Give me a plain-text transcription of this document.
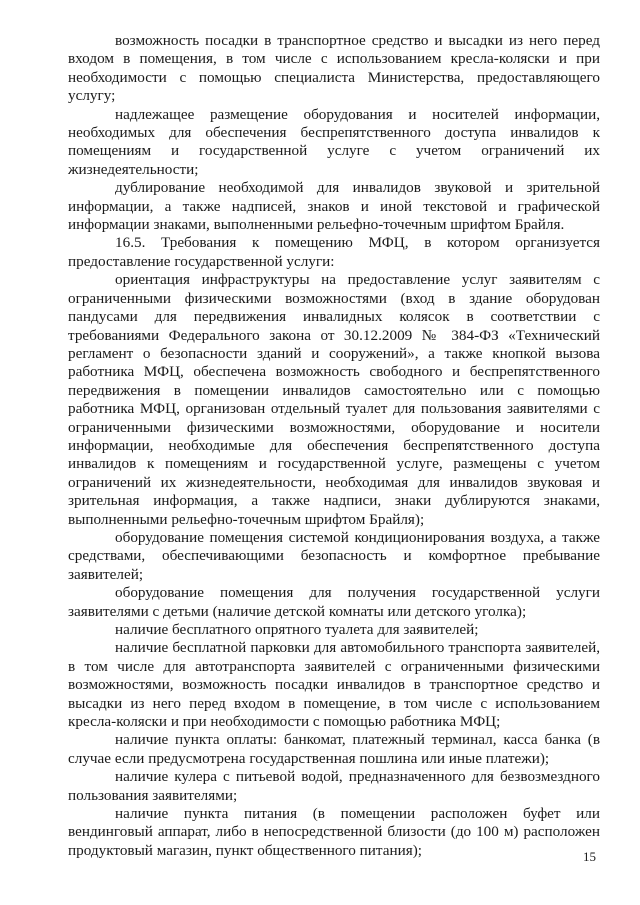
возможность посадки в транспортное средство и высадки из него перед входом в помещения, в том числе с использованием кресла-коляски и при необходимости с помощью специалиста Министерства, предоставляющего услугу;

надлежащее размещение оборудования и носителей информации, необходимых для обеспечения беспрепятственного доступа инвалидов к помещениям и государственной услуге с учетом ограничений их жизнедеятельности;

дублирование необходимой для инвалидов звуковой и зрительной информации, а также надписей, знаков и иной текстовой и графической информации знаками, выполненными рельефно-точечным шрифтом Брайля.

16.5. Требования к помещению МФЦ, в котором организуется предоставление государственной услуги:

ориентация инфраструктуры на предоставление услуг заявителям с ограниченными физическими возможностями (вход в здание оборудован пандусами для передвижения инвалидных колясок в соответствии с требованиями Федерального закона от 30.12.2009 № 384-ФЗ «Технический регламент о безопасности зданий и сооружений», а также кнопкой вызова работника МФЦ, обеспечена возможность свободного и беспрепятственного передвижения в помещении инвалидов самостоятельно или с помощью работника МФЦ, организован отдельный туалет для пользования заявителями с ограниченными физическими возможностями, оборудование и носители информации, необходимые для обеспечения беспрепятственного доступа инвалидов к помещениям и государственной услуге, размещены с учетом ограничений их жизнедеятельности, необходимая для инвалидов звуковая и зрительная информация, а также надписи, знаки дублируются знаками, выполненными рельефно-точечным шрифтом Брайля);

оборудование помещения системой кондиционирования воздуха, а также средствами, обеспечивающими безопасность и комфортное пребывание заявителей;

оборудование помещения для получения государственной услуги заявителями с детьми (наличие детской комнаты или детского уголка);

наличие бесплатного опрятного туалета для заявителей;

наличие бесплатной парковки для автомобильного транспорта заявителей, в том числе для автотранспорта заявителей с ограниченными физическими возможностями, возможность посадки инвалидов в транспортное средство и высадки из него перед входом в помещение, в том числе с использованием кресла-коляски и при необходимости с помощью работника МФЦ;

наличие пункта оплаты: банкомат, платежный терминал, касса банка (в случае если предусмотрена государственная пошлина или иные платежи);

наличие кулера с питьевой водой, предназначенного для безвозмездного пользования заявителями;

наличие пункта питания (в помещении расположен буфет или вендинговый аппарат, либо в непосредственной близости (до 100 м) расположен продуктовый магазин, пункт общественного питания);	15
